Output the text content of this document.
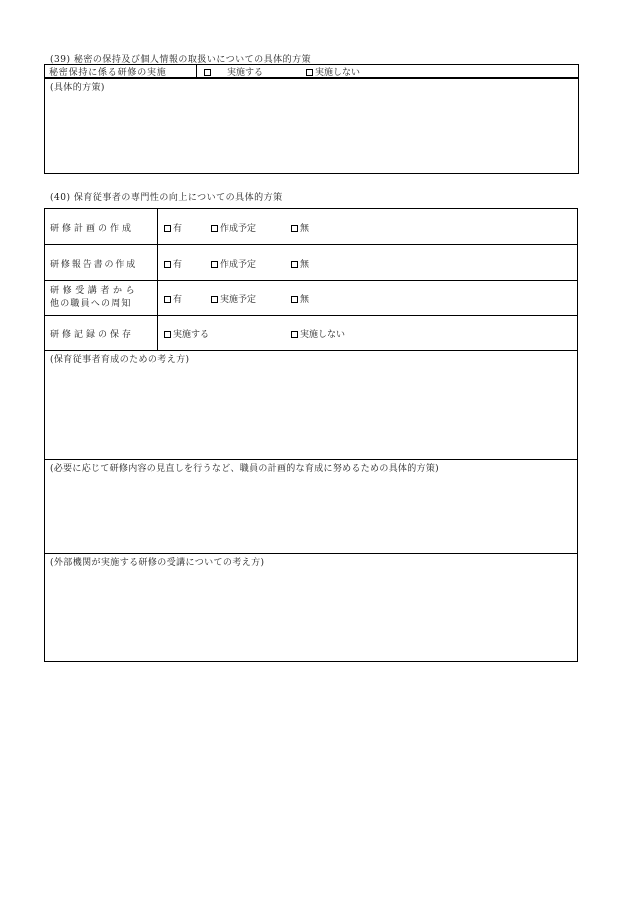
(39) 秘密の保持及び個人情報の取扱いについての具体的方策
秘密保持に係る研修の実施	実施する	実施しない
(具体的方策)
(40) 保育従事者の専門性の向上についての具体的方策
研修計画の作成	有	作成予定	無
研修報告書の作成	有	作成予定	無
研修受講者から
他の職員への周知	有	実施予定	無
研修記録の保存	実施する	実施しない
(保育従事者育成のための考え方)
(必要に応じて研修内容の見直しを行うなど、職員の計画的な育成に努めるための具体的方策)
(外部機関が実施する研修の受講についての考え方)
